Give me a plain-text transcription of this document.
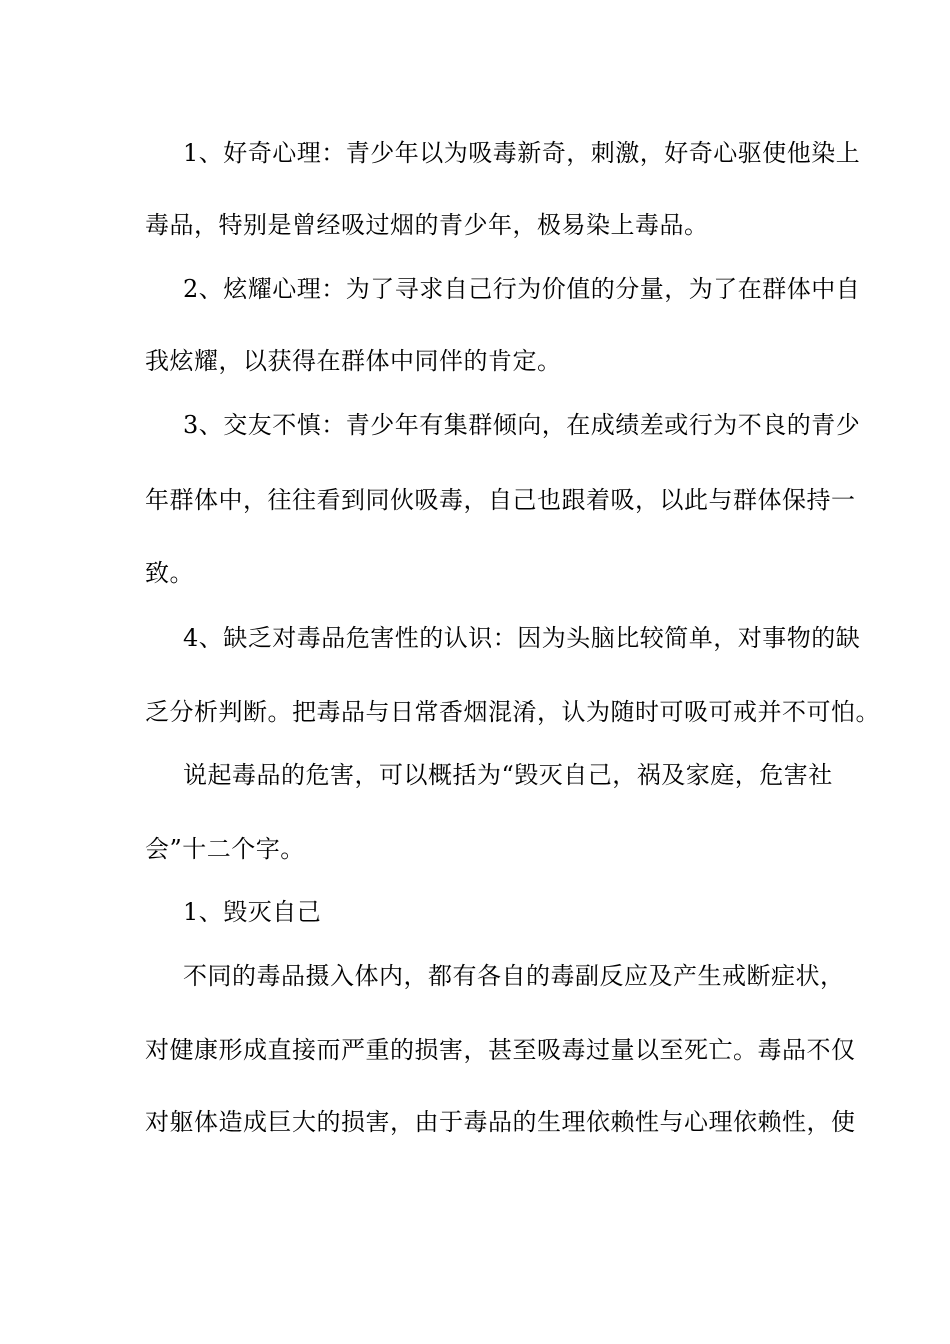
1、好奇心理：青少年以为吸毒新奇，刺激，好奇心驱使他染上
毒品，特别是曾经吸过烟的青少年，极易染上毒品。
2、炫耀心理：为了寻求自己行为价值的分量，为了在群体中自
我炫耀，以获得在群体中同伴的肯定。
3、交友不慎：青少年有集群倾向，在成绩差或行为不良的青少
年群体中，往往看到同伙吸毒，自己也跟着吸，以此与群体保持一
致。
4、缺乏对毒品危害性的认识：因为头脑比较简单，对事物的缺
乏分析判断。把毒品与日常香烟混淆，认为随时可吸可戒并不可怕。
说起毒品的危害，可以概括为“毁灭自己，祸及家庭，危害社
会”十二个字。
1、毁灭自己
不同的毒品摄入体内，都有各自的毒副反应及产生戒断症状，
对健康形成直接而严重的损害，甚至吸毒过量以至死亡。毒品不仅
对躯体造成巨大的损害，由于毒品的生理依赖性与心理依赖性，使
